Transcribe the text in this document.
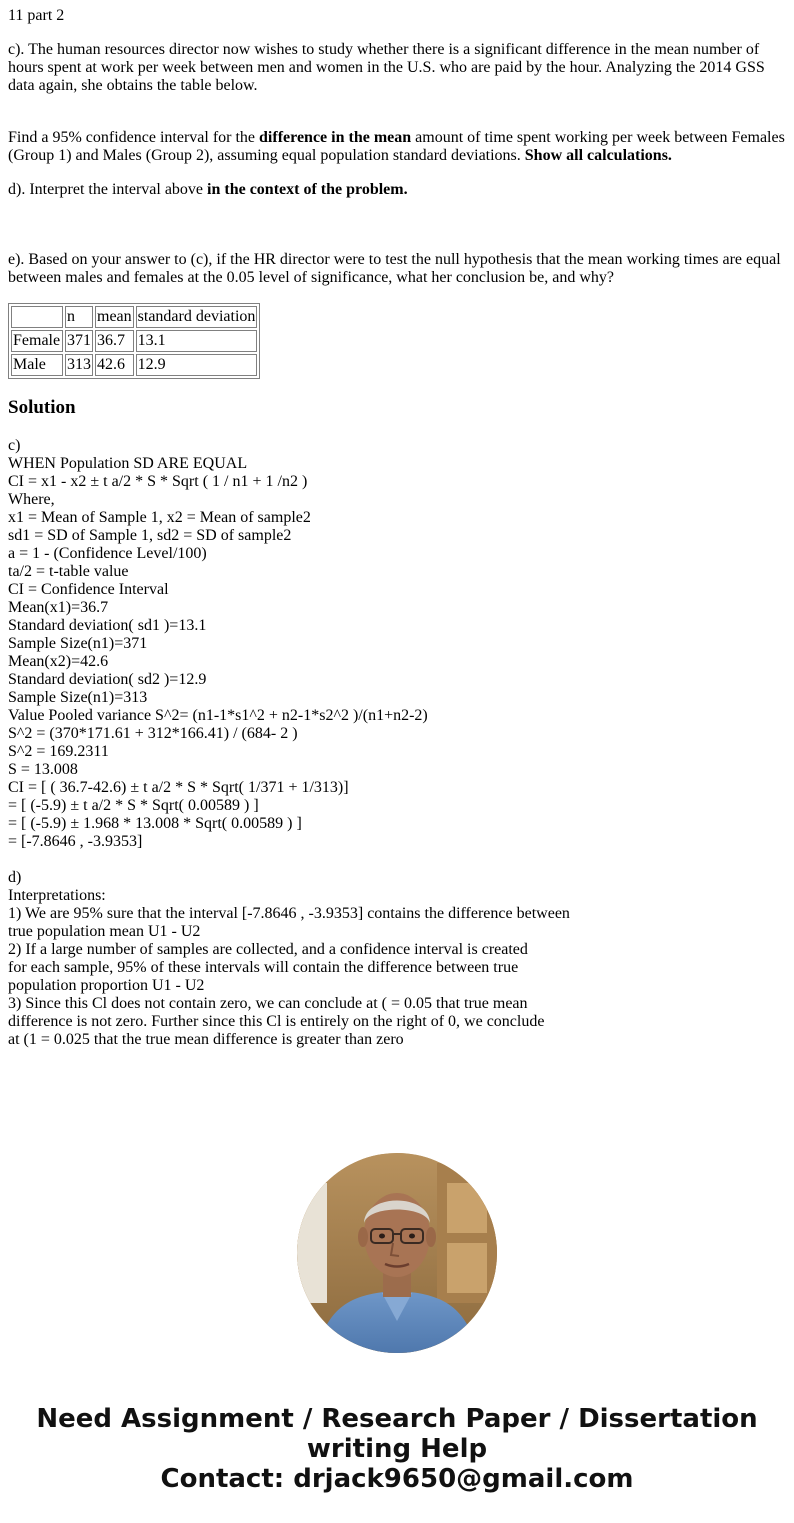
11 part 2
c). The human resources director now wishes to study whether there is a significant difference in the mean number of
hours spent at work per week between men and women in the U.S. who are paid by the hour. Analyzing the 2014 GSS
data again, she obtains the table below.
Find a 95% confidence interval for the difference in the mean amount of time spent working per week between Females
(Group 1) and Males (Group 2), assuming equal population standard deviations. Show all calculations.
d). Interpret the interval above in the context of the problem.
e). Based on your answer to (c), if the HR director were to test the null hypothesis that the mean working times are equal
between males and females at the 0.05 level of significance, what her conclusion be, and why?
	n	mean	standard deviation
Female	371	36.7	13.1
Male	313	42.6	12.9
Solution
c)
WHEN Population SD ARE EQUAL
CI = x1 - x2 ± t a/2 * S * Sqrt ( 1 / n1 + 1 /n2 )
Where,
x1 = Mean of Sample 1, x2 = Mean of sample2
sd1 = SD of Sample 1, sd2 = SD of sample2
a = 1 - (Confidence Level/100)
ta/2 = t-table value
CI = Confidence Interval
Mean(x1)=36.7
Standard deviation( sd1 )=13.1
Sample Size(n1)=371
Mean(x2)=42.6
Standard deviation( sd2 )=12.9
Sample Size(n1)=313
Value Pooled variance S^2= (n1-1*s1^2 + n2-1*s2^2 )/(n1+n2-2)
S^2 = (370*171.61 + 312*166.41) / (684- 2 )
S^2 = 169.2311
S = 13.008
CI = [ ( 36.7-42.6) ± t a/2 * S * Sqrt( 1/371 + 1/313)]
= [ (-5.9) ± t a/2 * S * Sqrt( 0.00589 ) ]
= [ (-5.9) ± 1.968 * 13.008 * Sqrt( 0.00589 ) ]
= [-7.8646 , -3.9353]
d)
Interpretations:
1) We are 95% sure that the interval [-7.8646 , -3.9353] contains the difference between
true population mean U1 - U2
2) If a large number of samples are collected, and a confidence interval is created
for each sample, 95% of these intervals will contain the difference between true
population proportion U1 - U2
3) Since this Cl does not contain zero, we can conclude at ( = 0.05 that true mean
difference is not zero. Further since this Cl is entirely on the right of 0, we conclude
at (1 = 0.025 that the true mean difference is greater than zero
Need Assignment / Research Paper / Dissertation
writing Help
Contact: drjack9650@gmail.com
